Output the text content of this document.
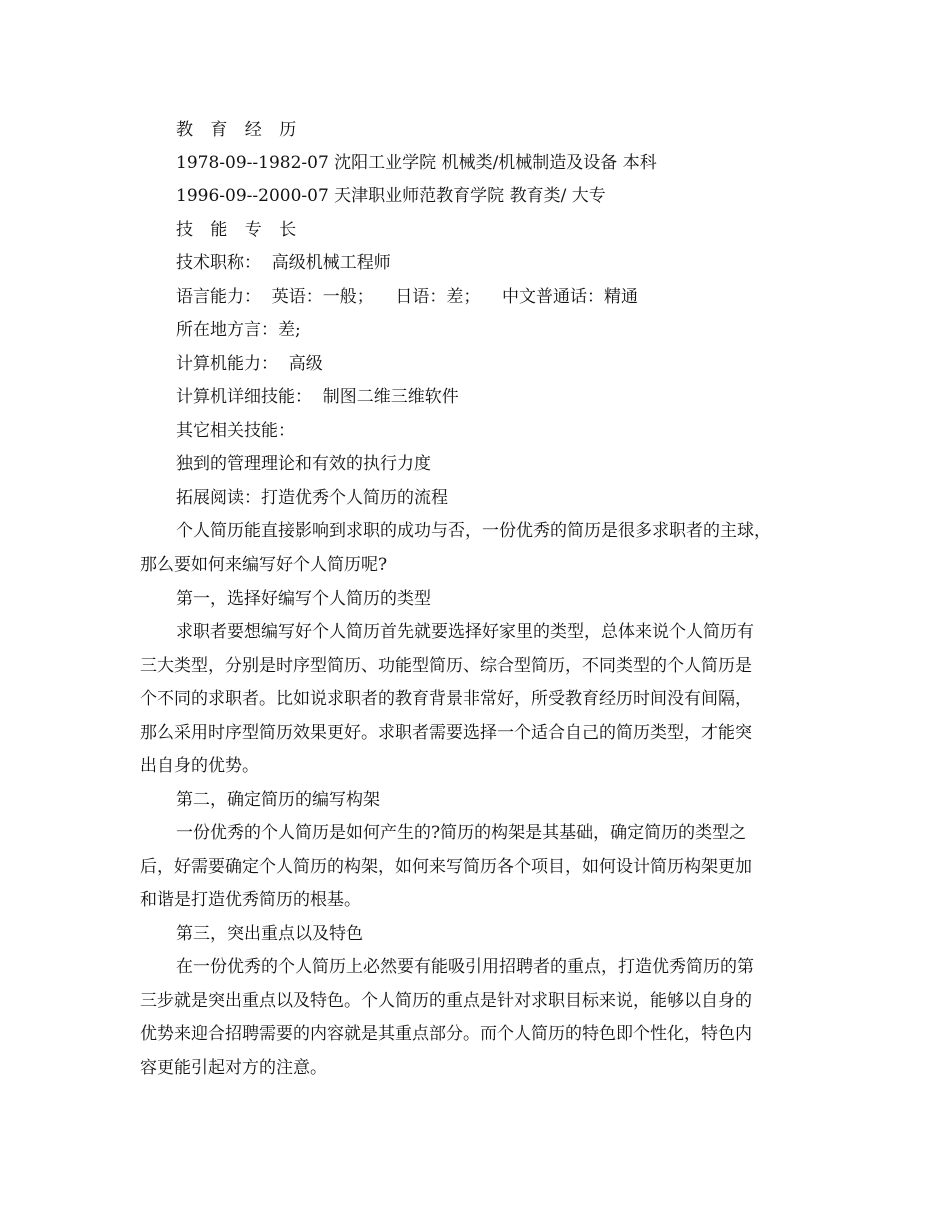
教 育 经 历

1978-09--1982-07 沈阳工业学院 机械类/机械制造及设备 本科

1996-09--2000-07 天津职业师范教育学院 教育类/ 大专

技 能 专 长

技术职称：  高级机械工程师

语言能力：  英语：一般；    日语：差；    中文普通话：精通

所在地方言：差;

计算机能力：  高级

计算机详细技能：  制图二维三维软件

其它相关技能：

独到的管理理论和有效的执行力度

拓展阅读：打造优秀个人简历的流程

个人简历能直接影响到求职的成功与否，一份优秀的简历是很多求职者的主球，

那么要如何来编写好个人简历呢?

第一，选择好编写个人简历的类型

求职者要想编写好个人简历首先就要选择好家里的类型，总体来说个人简历有

三大类型，分别是时序型简历、功能型简历、综合型简历，不同类型的个人简历是

个不同的求职者。比如说求职者的教育背景非常好，所受教育经历时间没有间隔，

那么采用时序型简历效果更好。求职者需要选择一个适合自己的简历类型，才能突

出自身的优势。

第二，确定简历的编写构架

一份优秀的个人简历是如何产生的?简历的构架是其基础，确定简历的类型之

后，好需要确定个人简历的构架，如何来写简历各个项目，如何设计简历构架更加

和谐是打造优秀简历的根基。

第三，突出重点以及特色

在一份优秀的个人简历上必然要有能吸引用招聘者的重点，打造优秀简历的第

三步就是突出重点以及特色。个人简历的重点是针对求职目标来说，能够以自身的

优势来迎合招聘需要的内容就是其重点部分。而个人简历的特色即个性化，特色内

容更能引起对方的注意。
